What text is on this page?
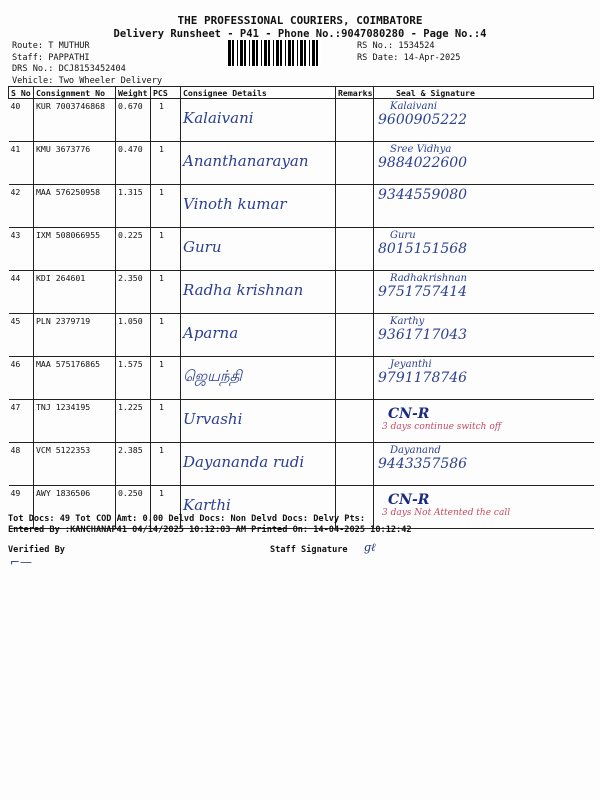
THE PROFESSIONAL COURIERS, COIMBATORE
Delivery Runsheet - P41 - Phone No.:9047080280 - Page No.:4
Route: T MUTHUR
Staff: PAPPATHI
DRS No.: DCJ8153452404
Vehicle: Two Wheeler Delivery
RS No.: 1534524
RS Date: 14-Apr-2025
S No	Consignment No	Weight	PCS	Consignee Details	Remarks	Seal & Signature
40	KUR 7003746868	0.670	1	Kalaivani		Kalaivani
9600905222

41	KMU 3673776	0.470	1	Ananthanarayan		Sree Vidhya
9884022600

42	MAA 576250958	1.315	1	Vinoth kumar		9344559080

43	IXM 508066955	0.225	1	Guru		Guru
8015151568

44	KDI 264601	2.350	1	Radha krishnan		Radhakrishnan
9751757414

45	PLN 2379719	1.050	1	Aparna		Karthy
9361717043

46	MAA 575176865	1.575	1	ஜெயந்தி		Jeyanthi
9791178746

47	TNJ 1234195	1.225	1	Urvashi		CN-R
3 days continue switch off

48	VCM 5122353	2.385	1	Dayananda rudi		Dayanand
9443357586

49	AWY 1836506	0.250	1	Karthi		CN-R
3 days Not Attented the call
Tot Docs: 49 Tot COD Amt: 0.00 Delvd Docs: Non Delvd Docs: Delvy Pts:
Entered By :KANCHANAP41 04/14/2025 10:12:03 AM Printed On: 14-04-2025 10:12:42
Verified By
⌐—
Staff Signature ɡℓ
